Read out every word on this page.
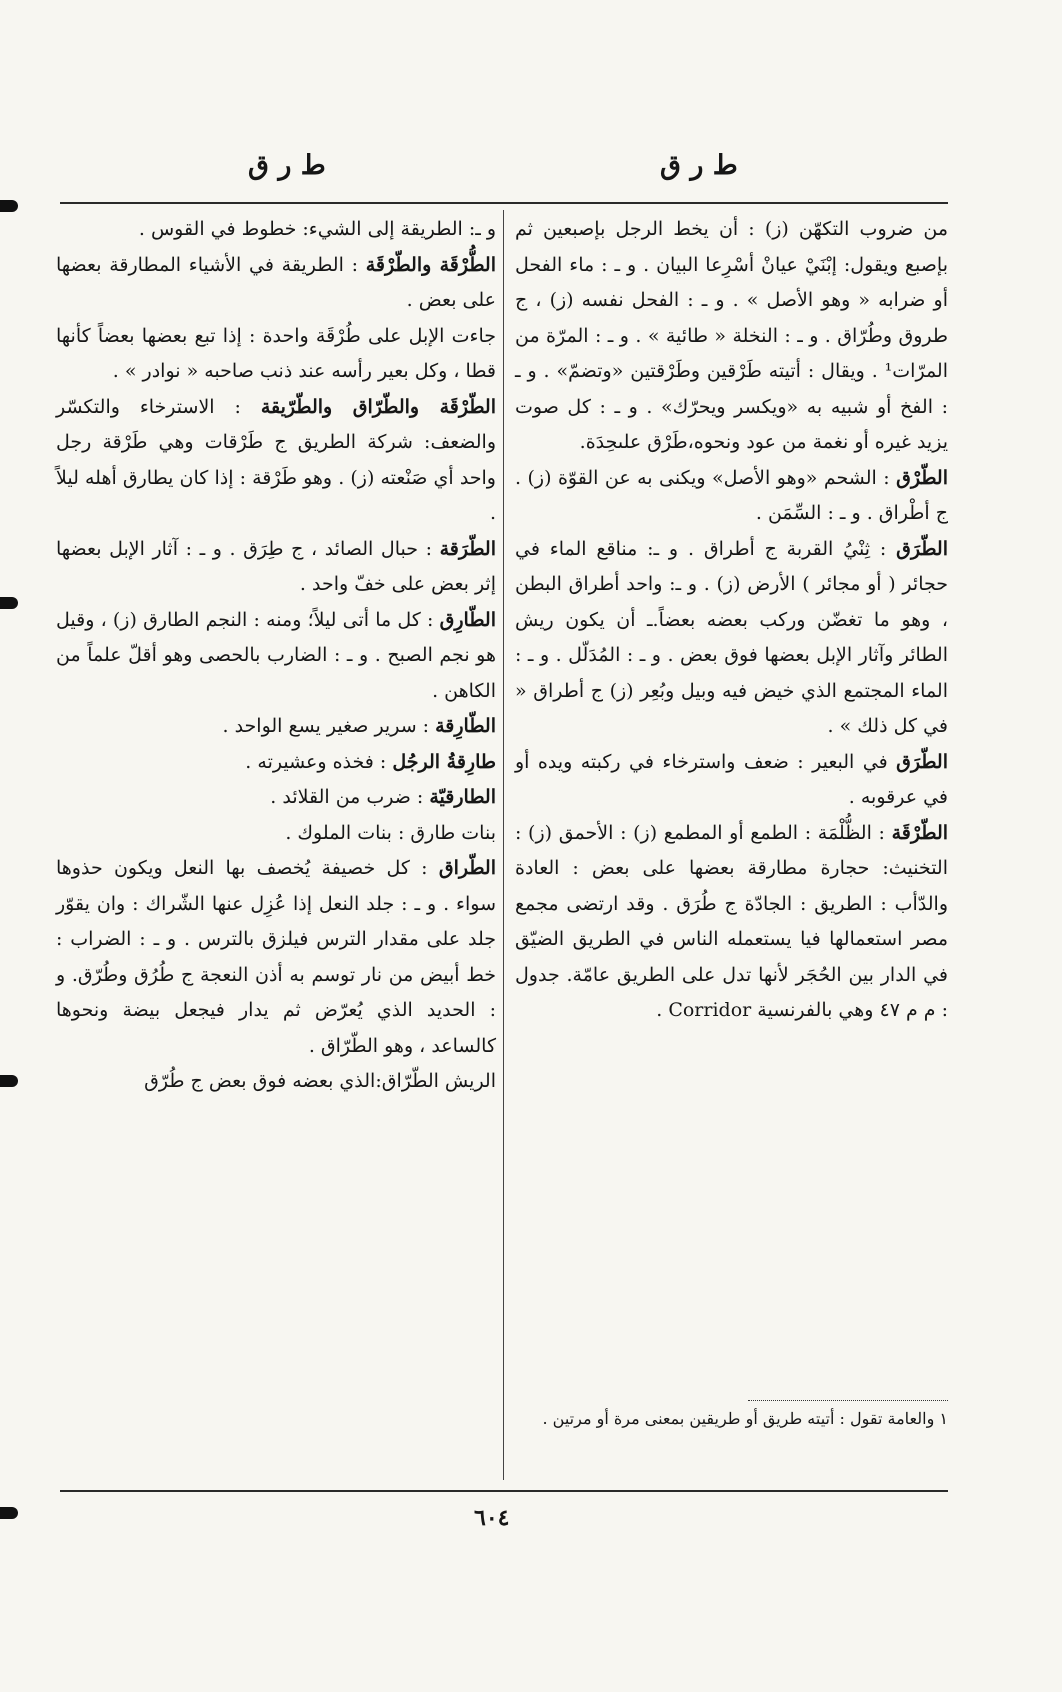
ط ر ق
ط ر ق

من ضروب التكهّن (ز) : أن يخط الرجل بإصبعين ثم بإصبع ويقول: إبْنَيْ عيانْ أسْرِعا البيان . و ـ : ماء الفحل أو ضرابه « وهو الأصل » . و ـ : الفحل نفسه (ز) ، ج طروق وطُرّاق . و ـ : النخلة « طائية » . و ـ : المرّة من المرّات¹ . ويقال : أتيته طَرْقين وطَرْقتين «وتضمّ» . و ـ : الفخ أو شبيه به «ويكسر ويحرّك» . و ـ : كل صوت يزيد غيره أو نغمة من عود ونحوه،طَرْق علىحِدَة.

الطّرْق : الشحم «وهو الأصل» ويكنى به عن القوّة (ز) . ج أطْراق . و ـ : السِّمَن .

الطّرَق : ثِنْيُ القربة ج أطراق . و ـ: مناقع الماء في حجائر ( أو مجائر ) الأرض (ز) . و ـ: واحد أطراق البطن ، وهو ما تغضّن وركب بعضه بعضاً.ـ أن يكون ريش الطائر وآثار الإبل بعضها فوق بعض . و ـ : المُدَلّل . و ـ : الماء المجتمع الذي خيض فيه وبيل وبُعِر (ز) ج أطراق « في كل ذلك » .

الطّرَق في البعير : ضعف واسترخاء في ركبته ويده أو في عرقوبه .

الطّرْقَة : الظُّلْمَة : الطمع أو المطمع (ز) : الأحمق (ز) : التخنيث: حجارة مطارقة بعضها على بعض : العادة والدّأب : الطريق : الجادّة ج طُرَق . وقد ارتضى مجمع مصر استعمالها فيا يستعمله الناس في الطريق الضيّق في الدار بين الحُجَر لأنها تدل على الطريق عامّة. جدول : م م ٤٧ وهي بالفرنسية Corridor .

١ والعامة تقول : أتيته طريق أو طريقين بمعنى مرة أو مرتين .

و ـ: الطريقة إلى الشيء: خطوط في القوس .

الطُّرْقَة والطّرْقَة : الطريقة في الأشياء المطارقة بعضها على بعض .

جاءت الإبل على طُرْقَة واحدة : إذا تبع بعضها بعضاً كأنها قطا ، وكل بعير رأسه عند ذنب صاحبه « نوادر » .

الطّرْقَة والطّرّاق والطّرّيقة : الاسترخاء والتكسّر والضعف: شركة الطريق ج طَرْقات وهي طَرْقة رجل واحد أي صَنْعته (ز) . وهو طَرْقة : إذا كان يطارق أهله ليلاً .

الطّرَقة : حبال الصائد ، ج طِرَق . و ـ : آثار الإبل بعضها إثر بعض على خفّ واحد .

الطّارِق : كل ما أتى ليلاً؛ ومنه : النجم الطارق (ز) ، وقيل هو نجم الصبح . و ـ : الضارب بالحصى وهو أقلّ علماً من الكاهن .

الطّارِقة : سرير صغير يسع الواحد .

طارِقةُ الرجُل : فخذه وعشيرته .

الطارقيّة : ضرب من القلائد .

بنات طارق : بنات الملوك .

الطّراق : كل خصيفة يُخصف بها النعل ويكون حذوها سواء . و ـ : جلد النعل إذا عُزِل عنها الشّراك : وان يقوّر جلد على مقدار الترس فيلزق بالترس . و ـ : الضراب : خط أبيض من نار توسم به أذن النعجة ج طُرُق وطُرّق. و : الحديد الذي يُعرّض ثم يدار فيجعل بيضة ونحوها كالساعد ، وهو الطّرّاق .

الريش الطّرّاق:الذي بعضه فوق بعض ج طُرّق

٦٠٤
